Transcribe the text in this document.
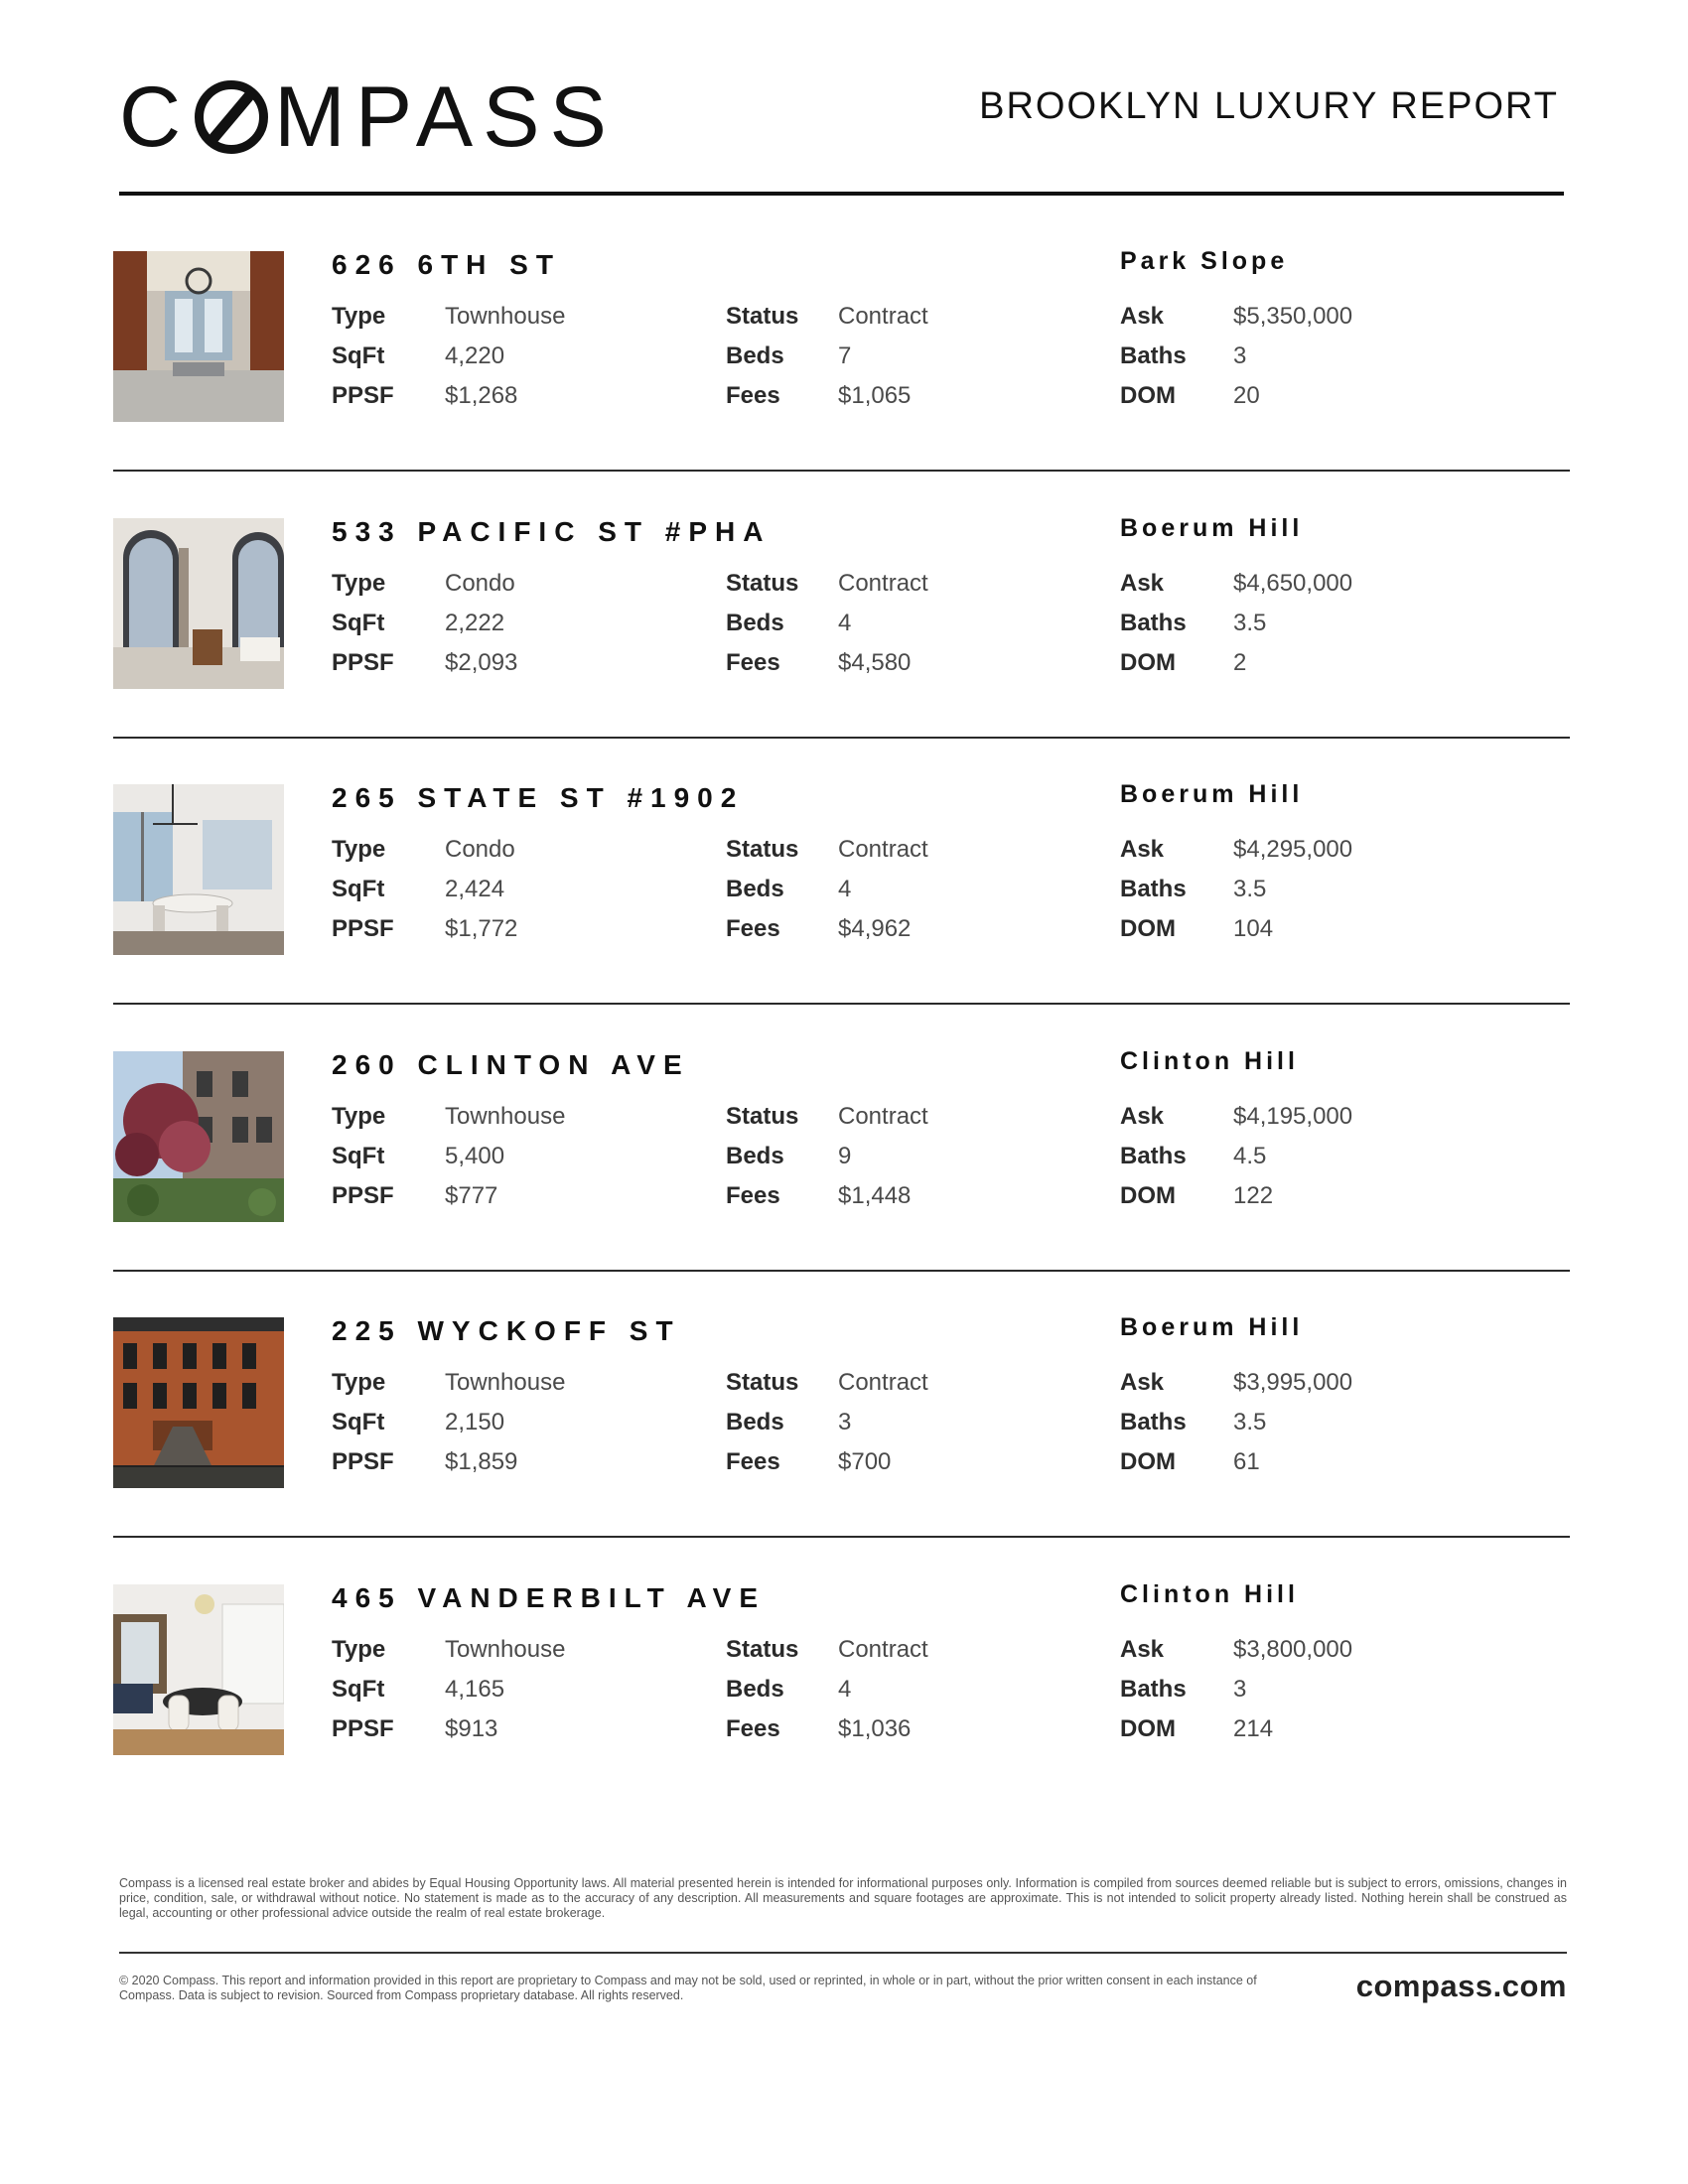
C MPASS	BROOKLYN LUXURY REPORT
626 6TH ST	Park Slope
Type Townhouse
SqFt	4,220
PPSF $1,268
Status Contract
Beds 7
Fees $1,065
Ask	$5,350,000
Baths 3
DOM 20
533 PACIFIC ST #PHA	Boerum Hill
Type Condo
SqFt	2,222
PPSF $2,093
Status Contract
Beds 4
Fees $4,580
Ask	$4,650,000
Baths 3.5
DOM 2
265 STATE ST #1902	Boerum Hill
Type Condo
SqFt	2,424
PPSF $1,772
Status Contract
Beds 4
Fees $4,962
Ask	$4,295,000
Baths 3.5
DOM 104
260 CLINTON AVE	Clinton Hill
Type Townhouse
SqFt	5,400
PPSF $777
Status Contract
Beds 9
Fees $1,448
Ask	$4,195,000
Baths 4.5
DOM 122
225 WYCKOFF ST	Boerum Hill
Type Townhouse
SqFt	2,150
PPSF $1,859
Status Contract
Beds 3
Fees $700
Ask	$3,995,000
Baths 3.5
DOM 61
465 VANDERBILT AVE	Clinton Hill
Type Townhouse
SqFt	4,165
PPSF $913
Status Contract
Beds 4
Fees $1,036
Ask	$3,800,000
Baths 3
DOM 214
Compass is a licensed real estate broker and abides by Equal Housing Opportunity laws. All material presented herein is intended for informational purposes only. Information is compiled from sources deemed reliable but is subject to errors, omissions, changes in price, condition, sale, or withdrawal without notice. No statement is made as to the accuracy of any description. All measurements and square footages are approximate. This is not intended to solicit property already listed. Nothing herein shall be construed as legal, accounting or other professional advice outside the realm of real estate brokerage.
© 2020 Compass. This report and information provided in this report are proprietary to Compass and may not be sold, used or reprinted, in whole or in part, without the prior written consent in each instance of Compass. Data is subject to revision. Sourced from Compass proprietary database. All rights reserved.	compass.com
